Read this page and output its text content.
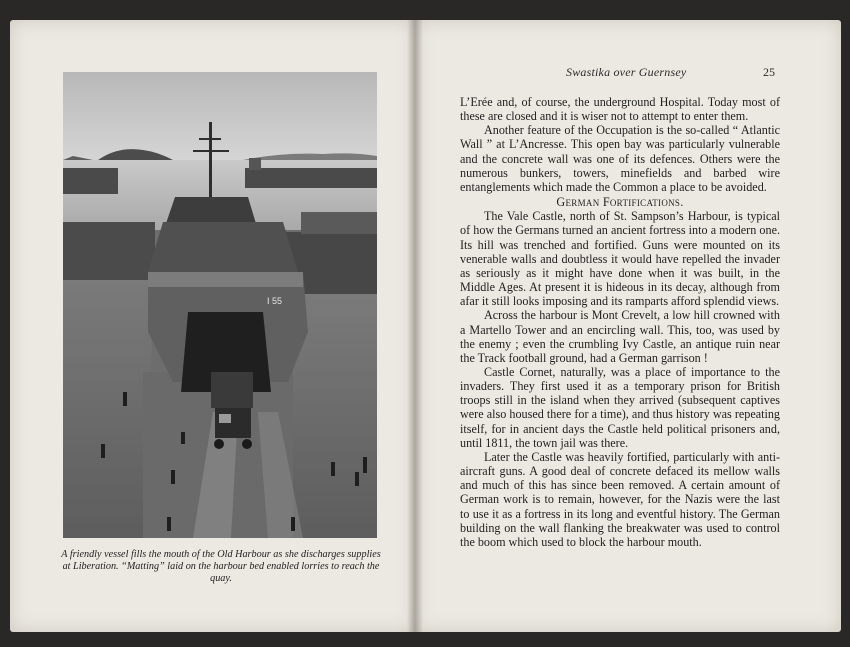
I 55
A friendly vessel fills the mouth of the Old Harbour as she discharges supplies at Liberation. “Matting” laid on the harbour bed enabled lorries to reach the quay.
Swastika over Guernsey	25

L’Erée and, of course, the underground Hospital. Today most of these are closed and it is wiser not to attempt to enter them.

Another feature of the Occupation is the so-called “ Atlantic Wall ” at L’Ancresse. This open bay was particularly vulnerable and the concrete wall was one of its defences. Others were the numerous bunkers, towers, minefields and barbed wire entanglements which made the Common a place to be avoided.

German Fortifications.

The Vale Castle, north of St. Sampson’s Harbour, is typical of how the Germans turned an ancient fortress into a modern one. Its hill was trenched and fortified. Guns were mounted on its venerable walls and doubtless it would have repelled the invader as seriously as it might have done when it was built, in the Middle Ages. At present it is hideous in its decay, although from afar it still looks imposing and its ramparts afford splendid views.

Across the harbour is Mont Crevelt, a low hill crowned with a Martello Tower and an encircling wall. This, too, was used by the enemy ; even the crumbling Ivy Castle, an antique ruin near the Track football ground, had a German garrison !

Castle Cornet, naturally, was a place of importance to the invaders. They first used it as a temporary prison for British troops still in the island when they arrived (subsequent captives were also housed there for a time), and thus history was repeating itself, for in ancient days the Castle held political prisoners and, until 1811, the town jail was there.

Later the Castle was heavily fortified, particularly with anti-aircraft guns. A good deal of concrete defaced its mellow walls and much of this has since been removed. A certain amount of German work is to remain, however, for the Nazis were the last to use it as a fortress in its long and eventful history. The German building on the wall flanking the breakwater was used to control the boom which used to block the harbour mouth.
